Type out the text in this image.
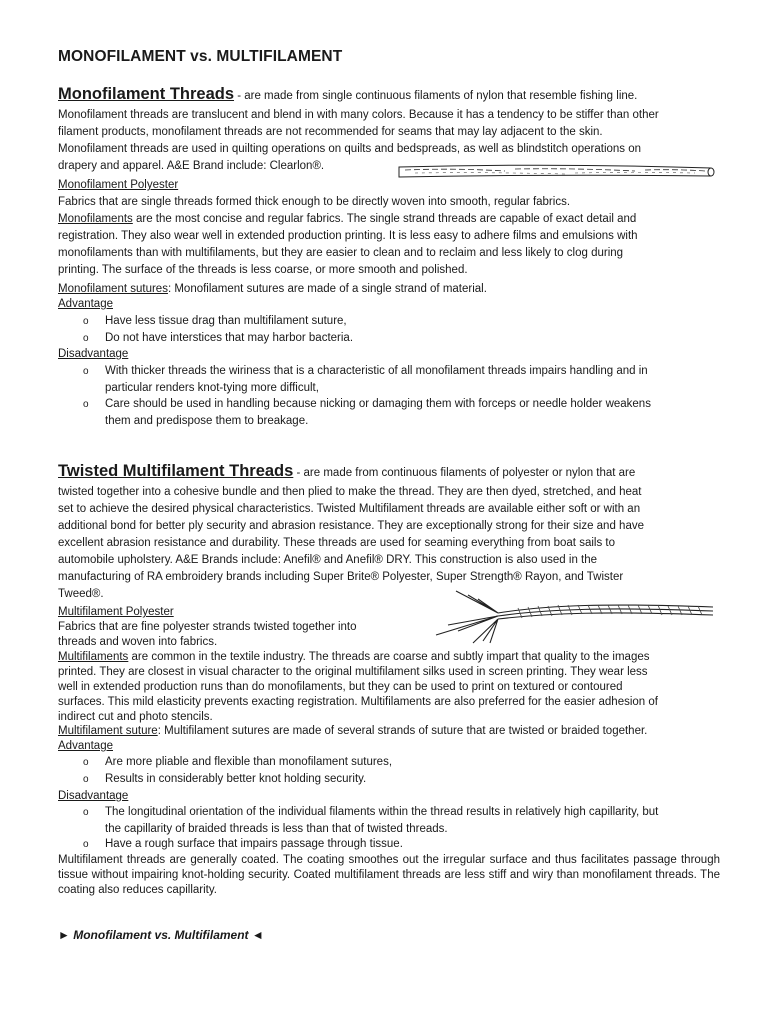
MONOFILAMENT vs. MULTIFILAMENT
Monofilament Threads - are made from single continuous filaments of nylon that resemble fishing line.
Monofilament threads are translucent and blend in with many colors. Because it has a tendency to be stiffer than other
filament products, monofilament threads are not recommended for seams that may lay adjacent to the skin.
Monofilament threads are used in quilting operations on quilts and bedspreads, as well as blindstitch operations on
drapery and apparel. A&E Brand include: Clearlon®.
Monofilament Polyester
Fabrics that are single threads formed thick enough to be directly woven into smooth, regular fabrics.
Monofilaments are the most concise and regular fabrics. The single strand threads are capable of exact detail and
registration. They also wear well in extended production printing. It is less easy to adhere films and emulsions with
monofilaments than with multifilaments, but they are easier to clean and to reclaim and less likely to clog during
printing. The surface of the threads is less coarse, or more smooth and polished.
Monofilament sutures: Monofilament sutures are made of a single strand of material.
Advantage
o Have less tissue drag than multifilament suture,
o Do not have interstices that may harbor bacteria.
Disadvantage
o With thicker threads the wiriness that is a characteristic of all monofilament threads impairs handling and in
particular renders knot-tying more difficult,
o Care should be used in handling because nicking or damaging them with forceps or needle holder weakens
them and predispose them to breakage.
Twisted Multifilament Threads - are made from continuous filaments of polyester or nylon that are
twisted together into a cohesive bundle and then plied to make the thread. They are then dyed, stretched, and heat
set to achieve the desired physical characteristics. Twisted Multifilament threads are available either soft or with an
additional bond for better ply security and abrasion resistance. They are exceptionally strong for their size and have
excellent abrasion resistance and durability. These threads are used for seaming everything from boat sails to
automobile upholstery. A&E Brands include: Anefil® and Anefil® DRY. This construction is also used in the
manufacturing of RA embroidery brands including Super Brite® Polyester, Super Strength® Rayon, and Twister
Tweed®.
Multifilament Polyester
Fabrics that are fine polyester strands twisted together into
threads and woven into fabrics.
Multifilaments are common in the textile industry. The threads are coarse and subtly impart that quality to the images
printed. They are closest in visual character to the original multifilament silks used in screen printing. They wear less
well in extended production runs than do monofilaments, but they can be used to print on textured or contoured
surfaces. This mild elasticity prevents exacting registration. Multifilaments are also preferred for the easier adhesion of
indirect cut and photo stencils.
Multifilament suture: Multifilament sutures are made of several strands of suture that are twisted or braided together.
Advantage
o Are more pliable and flexible than monofilament sutures,
o Results in considerably better knot holding security.
Disadvantage
o The longitudinal orientation of the individual filaments within the thread results in relatively high capillarity, but
the capillarity of braided threads is less than that of twisted threads.
o Have a rough surface that impairs passage through tissue.
Multifilament threads are generally coated. The coating smoothes out the irregular surface and thus facilitates passage through tissue without impairing knot-holding security. Coated multifilament threads are less stiff and wiry than monofilament threads. The coating also reduces capillarity.
► Monofilament vs. Multifilament ◄
